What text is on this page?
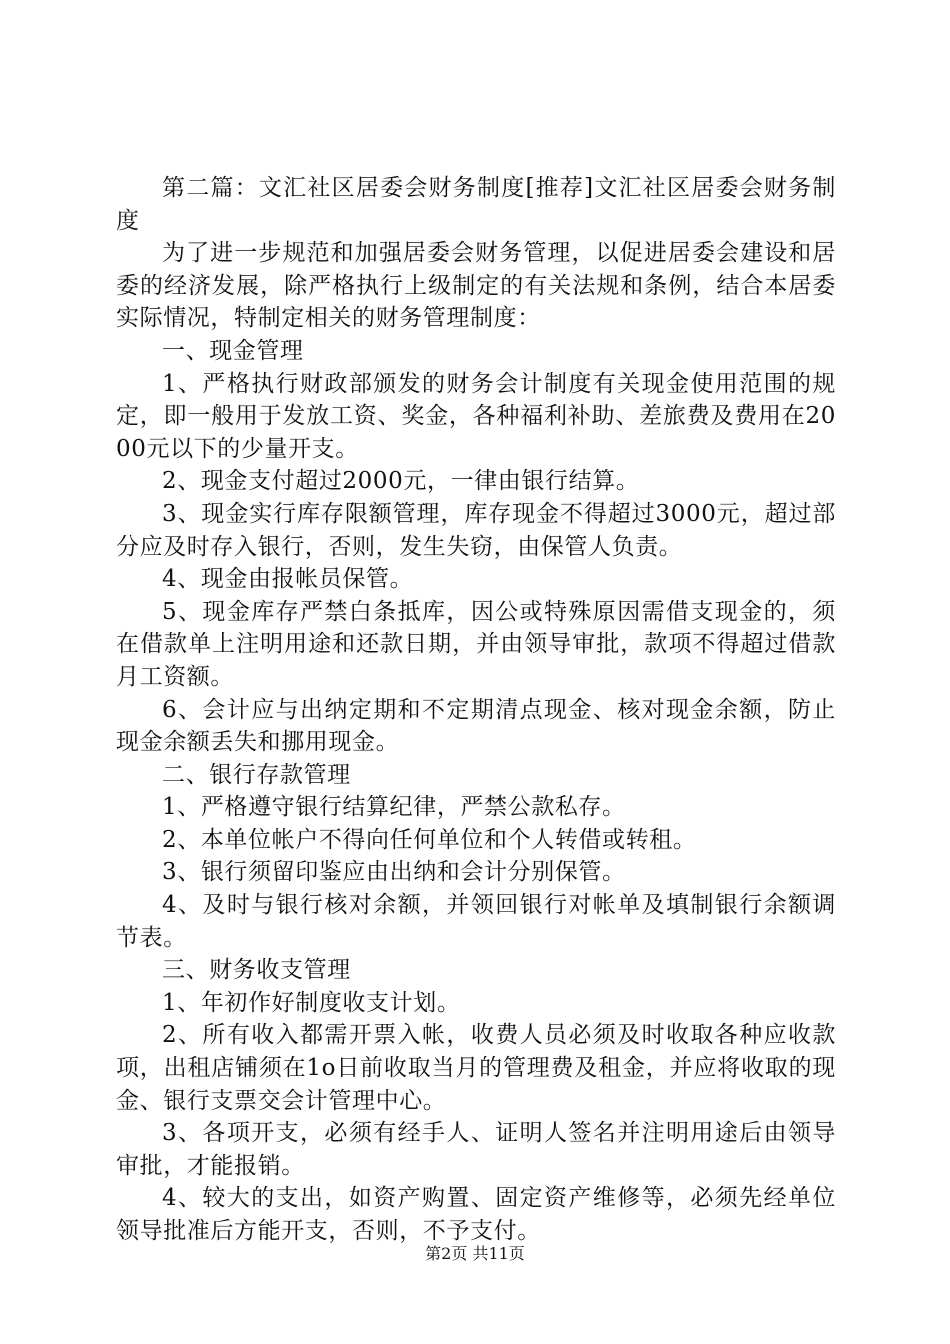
第二篇：文汇社区居委会财务制度[推荐]文汇社区居委会财务制度

为了进一步规范和加强居委会财务管理，以促进居委会建设和居委的经济发展，除严格执行上级制定的有关法规和条例，结合本居委实际情况，特制定相关的财务管理制度：

一、现金管理

1、严格执行财政部颁发的财务会计制度有关现金使用范围的规定，即一般用于发放工资、奖金，各种福利补助、差旅费及费用在2000元以下的少量开支。

2、现金支付超过2000元，一律由银行结算。

3、现金实行库存限额管理，库存现金不得超过3000元，超过部分应及时存入银行，否则，发生失窃，由保管人负责。

4、现金由报帐员保管。

5、现金库存严禁白条抵库，因公或特殊原因需借支现金的，须在借款单上注明用途和还款日期，并由领导审批，款项不得超过借款月工资额。

6、会计应与出纳定期和不定期清点现金、核对现金余额，防止现金余额丢失和挪用现金。

二、银行存款管理

1、严格遵守银行结算纪律，严禁公款私存。

2、本单位帐户不得向任何单位和个人转借或转租。

3、银行须留印鉴应由出纳和会计分别保管。

4、及时与银行核对余额，并领回银行对帐单及填制银行余额调节表。

三、财务收支管理

1、年初作好制度收支计划。

2、所有收入都需开票入帐，收费人员必须及时收取各种应收款项，出租店铺须在1o日前收取当月的管理费及租金，并应将收取的现金、银行支票交会计管理中心。

3、各项开支，必须有经手人、证明人签名并注明用途后由领导审批，才能报销。

4、较大的支出，如资产购置、固定资产维修等，必须先经单位领导批准后方能开支，否则，不予支付。

第2页 共11页
